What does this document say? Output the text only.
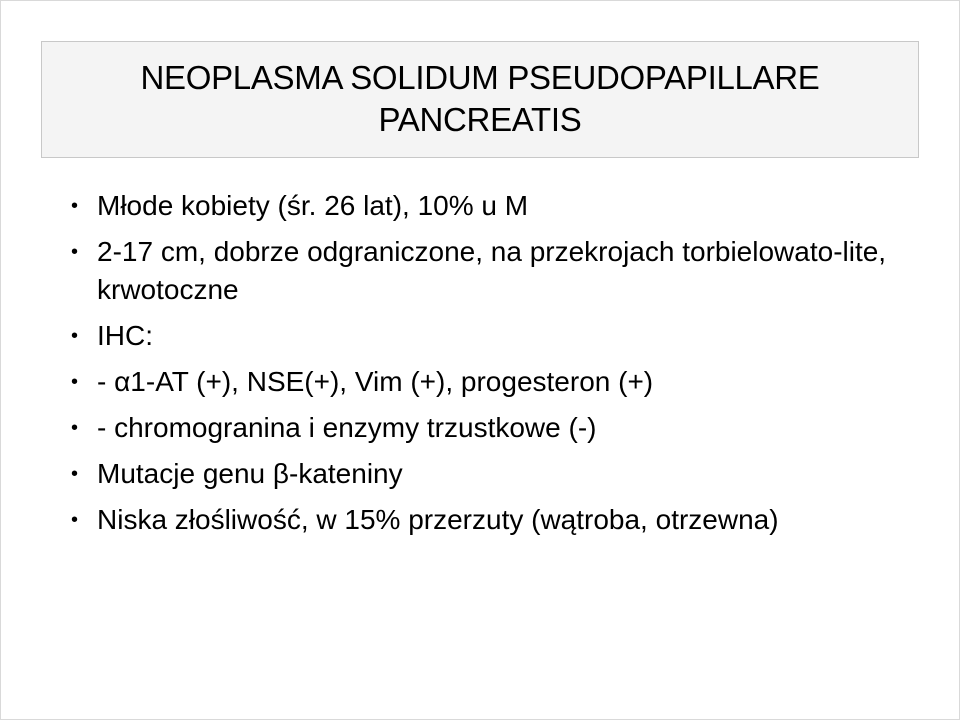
NEOPLASMA SOLIDUM PSEUDOPAPILLARE
PANCREATIS
• Młode kobiety (śr. 26 lat), 10% u M
• 2-17 cm, dobrze odgraniczone, na przekrojach torbielowato-lite, krwotoczne
• IHC:
• - α1-AT (+), NSE(+), Vim (+), progesteron (+)
• - chromogranina i enzymy trzustkowe (-)
• Mutacje genu β-kateniny
• Niska złośliwość, w 15% przerzuty (wątroba, otrzewna)
